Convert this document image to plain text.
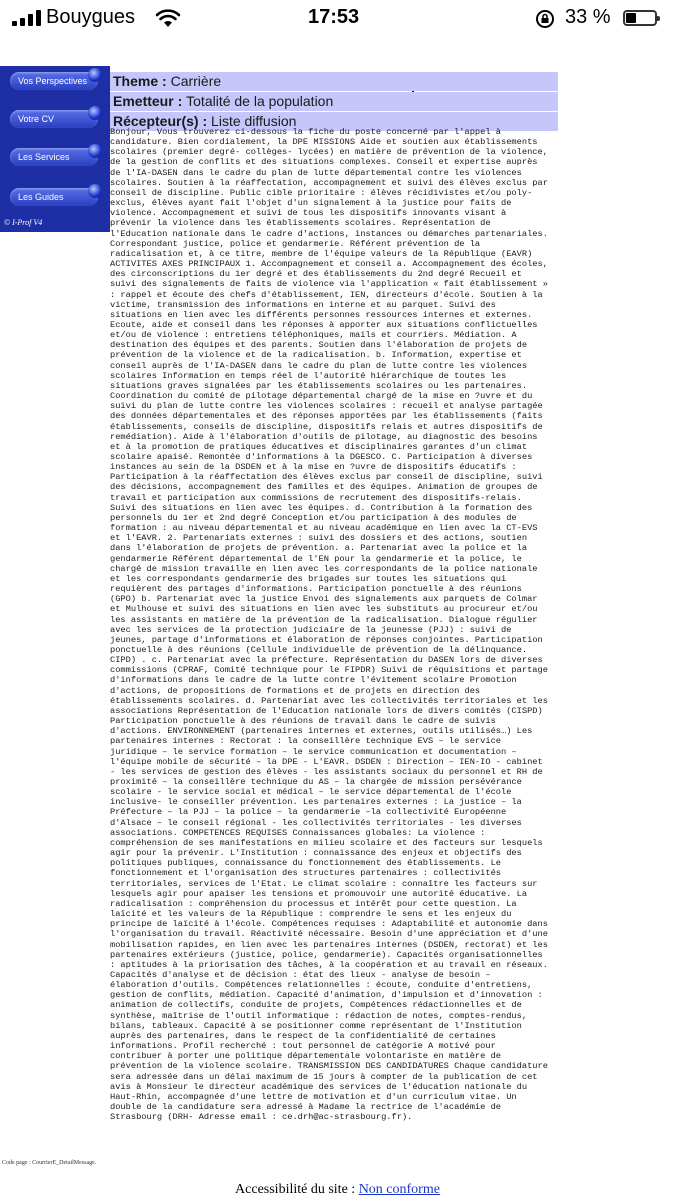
Bouygues	17:53	33 %
Vos Perspectives
Votre CV
Les Services
Les Guides
© I-Prof V4
Theme : Carrière
Emetteur : Totalité de la population
Récepteur(s) : Liste diffusion
Bonjour, Vous trouverez ci-dessous la fiche du poste concerné par l'appel à candidature. Bien cordialement, la DPE MISSIONS Aide et soutien aux établissements scolaires (premier degré- collèges- lycées) en matière de prévention de la violence, de la gestion de conflits et des situations complexes. Conseil et expertise auprès de l'IA-DASEN dans le cadre du plan de lutte départemental contre les violences scolaires. Soutien à la réaffectation, accompagnement et suivi des élèves exclus par conseil de discipline. Public cible prioritaire : élèves récidivistes et/ou poly-exclus, élèves ayant fait l'objet d'un signalement à la justice pour faits de violence. Accompagnement et suivi de tous les dispositifs innovants visant à prévenir la violence dans les établissements scolaires. Représentation de l'Education nationale dans le cadre d'actions, instances ou démarches partenariales. Correspondant justice, police et gendarmerie. Référent prévention de la radicalisation et, à ce titre, membre de l'équipe valeurs de la République (EAVR) ACTIVITES AXES PRINCIPAUX 1. Accompagnement et conseil a. Accompagnement des écoles, des circonscriptions du 1er degré et des établissements du 2nd degré Recueil et suivi des signalements de faits de violence via l'application « fait établissement » : rappel et écoute des chefs d'établissement, IEN, directeurs d'école. Soutien à la victime, transmission des informations en interne et au parquet. Suivi des situations en lien avec les différents personnes ressources internes et externes. Ecoute, aide et conseil dans les réponses à apporter aux situations conflictuelles et/ou de violence : entretiens téléphoniques, mails et courriers. Médiation. A destination des équipes et des parents. Soutien dans l'élaboration de projets de prévention de la violence et de la radicalisation. b. Information, expertise et conseil auprès de l'IA-DASEN dans le cadre du plan de lutte contre les violences scolaires Information en temps réel de l'autorité hiérarchique de toutes les situations graves signalées par les établissements scolaires ou les partenaires. Coordination du comité de pilotage départemental chargé de la mise en ?uvre et du suivi du plan de lutte contre les violences scolaires : recueil et analyse partagée des données départementales et des réponses apportées par les établissements (faits établissements, conseils de discipline, dispositifs relais et autres dispositifs de remédiation). Aide à l'élaboration d'outils de pilotage, au diagnostic des besoins et à la promotion de pratiques éducatives et disciplinaires garantes d'un climat scolaire apaisé. Remontée d'informations à la DGESCO. C. Participation à diverses instances au sein de la DSDEN et à la mise en ?uvre de dispositifs éducatifs : Participation à la réaffectation des élèves exclus par conseil de discipline, suivi des décisions, accompagnement des familles et des équipes. Animation de groupes de travail et participation aux commissions de recrutement des dispositifs-relais. Suivi des situations en lien avec les équipes. d. Contribution à la formation des personnels du 1er et 2nd degré Conception et/ou participation à des modules de formation : au niveau départemental et au niveau académique en lien avec la CT-EVS et l'EAVR. 2. Partenariats externes : suivi des dossiers et des actions, soutien dans l'élaboration de projets de prévention. a. Partenariat avec la police et la gendarmerie Référent départemental de l'EN pour la gendarmerie et la police, le chargé de mission travaille en lien avec les correspondants de la police nationale et les correspondants gendarmerie des brigades sur toutes les situations qui requièrent des partages d'informations. Participation ponctuelle à des réunions (GPO) b. Partenariat avec la justice Envoi des signalements aux parquets de Colmar et Mulhouse et suivi des situations en lien avec les substituts au procureur et/ou les assistants en matière de la prévention de la radicalisation. Dialogue régulier avec les services de la protection judiciaire de la jeunesse (PJJ) : suivi de jeunes, partage d'informations et élaboration de réponses conjointes. Participation ponctuelle à des réunions (Cellule individuelle de prévention de la délinquance. CIPD) . c. Partenariat avec la préfecture. Représentation du DASEN lors de diverses commissions (CPRAF, Comité technique pour le FIPDR) Suivi de réquisitions et partage d'informations dans le cadre de la lutte contre l'évitement scolaire Promotion d'actions, de propositions de formations et de projets en direction des établissements scolaires. d. Partenariat avec les collectivités territoriales et les associations Représentation de l'Education nationale lors de divers comités (CISPD) Participation ponctuelle à des réunions de travail dans le cadre de suivis d'actions. ENVIRONNEMENT (partenaires internes et externes, outils utilisés…) Les partenaires internes : Rectorat : la conseillère technique EVS – le service juridique – le service formation – le service communication et documentation – l'équipe mobile de sécurité – la DPE - L'EAVR. DSDEN : Direction – IEN-IO - cabinet - les services de gestion des élèves - les assistants sociaux du personnel et RH de proximité – la conseillère technique du AS – la chargée de mission persévérance scolaire - le service social et médical – le service départemental de l'école inclusive- le conseiller prévention. Les partenaires externes : La justice – la Préfecture – la PJJ – la police – la gendarmerie –la collectivité Européenne d'Alsace – le conseil régional - les collectivités territoriales - les diverses associations. COMPETENCES REQUISES Connaissances globales: La violence : compréhension de ses manifestations en milieu scolaire et des facteurs sur lesquels agir pour la prévenir. L'Institution : connaissance des enjeux et objectifs des politiques publiques, connaissance du fonctionnement des établissements. Le fonctionnement et l'organisation des structures partenaires : collectivités territoriales, services de l'Etat. Le climat scolaire : connaître les facteurs sur lesquels agir pour apaiser les tensions et promouvoir une autorité éducative. La radicalisation : compréhension du processus et intérêt pour cette question. La laïcité et les valeurs de la République : comprendre le sens et les enjeux du principe de laïcité à l'école. Compétences requises : Adaptabilité et autonomie dans l'organisation du travail. Réactivité nécessaire. Besoin d'une appréciation et d'une mobilisation rapides, en lien avec les partenaires internes (DSDEN, rectorat) et les partenaires extérieurs (justice, police, gendarmerie). Capacités organisationnelles : aptitudes à la priorisation des tâches, à la coopération et au travail en réseaux. Capacités d'analyse et de décision : état des lieux - analyse de besoin – élaboration d'outils. Compétences relationnelles : écoute, conduite d'entretiens, gestion de conflits, médiation. Capacité d'animation, d'impulsion et d'innovation : animation de collectifs, conduite de projets, Compétences rédactionnelles et de synthèse, maîtrise de l'outil informatique : rédaction de notes, comptes-rendus, bilans, tableaux. Capacité à se positionner comme représentant de l'Institution auprès des partenaires, dans le respect de la confidentialité de certaines informations. Profil recherché : tout personnel de catégorie A motivé pour contribuer à porter une politique départementale volontariste en matière de prévention de la violence scolaire. TRANSMISSION DES CANDIDATURES Chaque candidature sera adressée dans un délai maximum de 15 jours à compter de la publication de cet avis à Monsieur le directeur académique des services de l'éducation nationale du Haut-Rhin, accompagnée d'une lettre de motivation et d'un curriculum vitae. Un double de la candidature sera adressé à Madame la rectrice de l'académie de Strasbourg (DRH- Adresse email : ce.drh@ac-strasbourg.fr).
Code page : CourrierE_DetailMessage.
Accessibilité du site : Non conforme
